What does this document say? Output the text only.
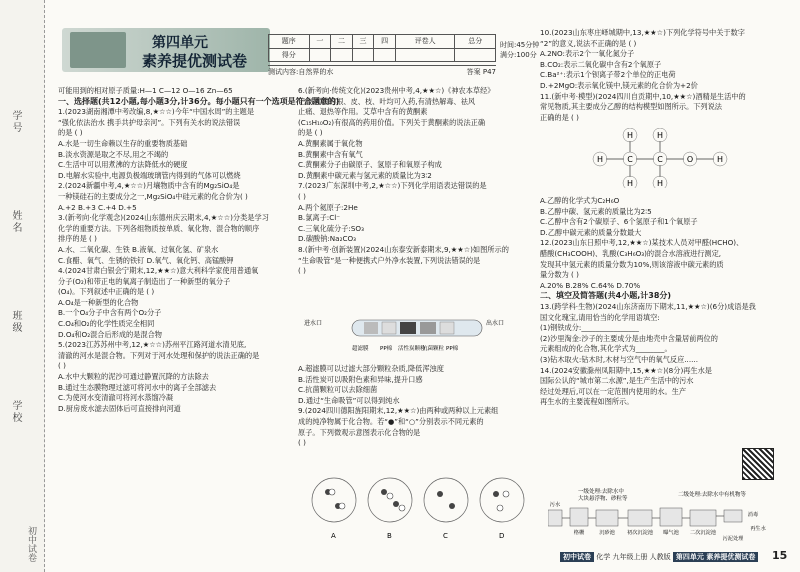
学号
姓名
班级
学校
初中试卷
第四单元
素养提优测试卷
题序	一	二	三	四	评卷人	总分
得分						
时间:45分钟
满分:100分
测试内容:自然界的水	答案 P47

可能用到的相对原子质量:H—1 C—12 O—16 Zn—65

一、选择题(共12小题,每小题3分,计36分。每小题只有一个选项是符合题意的)

1.(2023湖南湘潭中考改编,8,★☆☆)今年“中国水周”的主题是

“强化依法治水 携手共护母亲河”。下列有关水的说法错误

的是 ( )

A.水是一切生命赖以生存的重要物质基础

B.淡水资源是取之不尽,用之不竭的

C.生活中可以用煮沸的方法降低水的硬度

D.电解水实验中,电源负极端玻璃管内得到的气体可以燃烧

2.(2024新疆中考,4,★☆☆)月壤物质中含有的Mg₂SiO₄是

一种镁硅石的主要成分之一,Mg₂SiO₄中硅元素的化合价为( )

A.+2 B.+3 C.+4 D.+5

3.(新考向·化学观念)(2024山东德州庆云期末,4,★☆☆)分类是学习

化学的重要方法。下列各组物质按单质、氧化物、混合物的顺序

排序的是 ( )

A.水、二氧化碳、生铁 B.液氧、过氧化氢、矿泉水

C.食醋、氧气、生锈的铁钉 D.氧气、氧化钙、高锰酸钾

4.(2024甘肃白银会宁期末,12,★★☆)意大利科学家使用普通氧

分子(O₂)和带正电的氧离子制造出了一种新型的氧分子

(O₄)。下列叙述中正确的是 ( )

A.O₄是一种新型的化合物

B.一个O₄分子中含有两个O₂分子

C.O₄和O₂的化学性质完全相同

D.O₄和O₂混合后形成的是混合物

5.(2023江苏苏州中考,12,★☆☆)苏州平江路河道水清见底,

清澈的河水是混合物。下列对于河水处理和保护的说法正确的是

( )

A.水中大颗粒的泥沙可通过静置沉降的方法除去

B.通过生态膜物理过滤可将河水中的离子全部滤去

C.为使河水变清澈可将河水蒸馏冷凝

D.厨房废水滤去固体后可直接排向河道

6.(新考向·传统文化)(2023贵州中考,4,★★☆)《神农本草经》

记载,柳树的根、皮、枝、叶均可入药,有清热解毒、祛风

止痛、退热等作用。艾草中含有的黄酮素

(C₁₅H₁₀O₂)有很高的药用价值。下列关于黄酮素的说法正确

的是 ( )

A.黄酮素属于氧化物

B.黄酮素中含有氧气

C.黄酮素分子由碳原子、氢原子和氧原子构成

D.黄酮素中碳元素与氢元素的质量比为3∶2

7.(2023广东深圳中考,2,★☆☆)下列化学用语表达错误的是

( )

A.两个氦原子:2He

B.氯离子:Cl⁻

C.三氧化硫分子:SO₃

D.碳酸钠:Na₂CO₃

8.(新中考·创新装置)(2024山东泰安新泰期末,9,★★☆)如图所示的

“生命吸管”是一种便携式户外净水装置,下列说法错误的是

( )

进水口	出水口
超滤膜 PP棉 活性炭颗粒
抗菌颗粒 PP棉

A.超滤膜可以过滤大部分颗粒杂质,降低浑浊度

B.活性炭可以吸附色素和异味,提升口感

C.抗菌颗粒可以去除细菌

D.通过“生命吸管”可以得到纯水

9.(2024四川德阳旌阳期末,12,★★☆)由两种或两种以上元素组

成的纯净物属于化合物。若“●”和“○”分别表示不同元素的

原子。下列微观示意图表示化合物的是

( )

A	B	C	D

10.(2023山东枣庄峄城期中,13,★★☆)下列化学符号中关于数字

“2”的意义,说法不正确的是 ( )

A.2NO:表示2个一氧化氮分子

B.CO₂:表示二氧化碳中含有2个氧原子

C.Ba²⁺:表示1个钡离子带2个单位的正电荷

D.+2MgO:表示氧化镁中,镁元素的化合价为+2价

11.(新中考·模型)(2024四川自贡期中,10,★★☆)酒精是生活中的

常见物质,其主要成分乙醇的结构模型如图所示。下列说法

正确的是 ( )

H	C	C	O	H
H	H
H	H

A.乙醇的化学式为C₂H₆O

B.乙醇中碳、氢元素的质量比为2∶5

C.乙醇中含有2个碳原子、6个氢原子和1个氧原子

D.乙醇中碳元素的质量分数最大

12.(2023山东日照中考,12,★★☆)某技术人员对甲醛(HCHO)、

醋酸(CH₃COOH)、乳酸(C₃H₆O₃)的混合水溶液进行测定,

发现其中氢元素的质量分数为10%,则该溶液中碳元素的质

量分数为 ( )

A.20% B.28% C.64% D.70%

二、填空及简答题(共4小题,计38分)

13.(跨学科·生物)(2024山东济南历下期末,11,★★☆)(6分)成语是我

国文化瑰宝,请用恰当的化学用语填空:

(1)钢铁成分:________________

(2)沙里淘金:沙子的主要成分是由地壳中含量居前两位的

元素组成的化合物,其化学式为________。

(3)钻木取火:钻木时,木材与空气中的氧气反应......

14.(2024安徽滁州凤阳期中,15,★★☆)(8分)再生水是

国际公认的“城市第二水源”,是生产生活中的污水

经过处理后,可以在一定范围内使用的水。生产

再生水的主要流程如图所示。

一级处理:去除水中
大块悬浮物、砂粒等
二级处理:去除水中有机物等
污水
格栅	沉砂池 初次沉淀池 曝气池 二次沉淀池
消毒
再生水
污泥处理
初中试卷 化学 九年级上册 人教版 第四单元 素养提优测试卷 15
